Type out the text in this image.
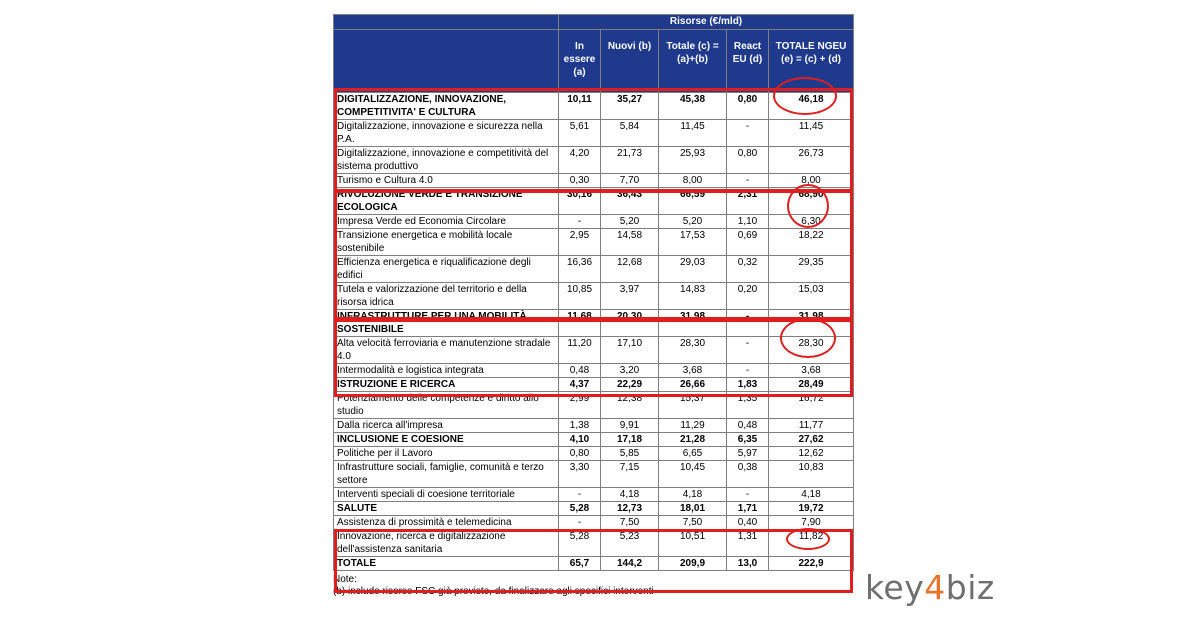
	Risorse (€/mld)				
	In essere (a)	Nuovi (b)	Totale (c) = (a)+(b)	React EU (d)	TOTALE NGEU (e) = (c) + (d)
DIGITALIZZAZIONE, INNOVAZIONE, COMPETITIVITA' E CULTURA	10,11	35,27	45,38	0,80	46,18
Digitalizzazione, innovazione e sicurezza nella P.A.	5,61	5,84	11,45	-	11,45
Digitalizzazione, innovazione e competitività del sistema produttivo	4,20	21,73	25,93	0,80	26,73
Turismo e Cultura 4.0	0,30	7,70	8,00	-	8,00
RIVOLUZIONE VERDE E TRANSIZIONE ECOLOGICA	30,16	36,43	66,59	2,31	68,90
Impresa Verde ed Economia Circolare	-	5,20	5,20	1,10	6,30
Transizione energetica e mobilità locale sostenibile	2,95	14,58	17,53	0,69	18,22
Efficienza energetica e riqualificazione degli edifici	16,36	12,68	29,03	0,32	29,35
Tutela e valorizzazione del territorio e della risorsa idrica	10,85	3,97	14,83	0,20	15,03
INFRASTRUTTURE PER UNA MOBILITÀ SOSTENIBILE	11,68	20,30	31,98	-	31,98
Alta velocità ferroviaria e manutenzione stradale 4.0	11,20	17,10	28,30	-	28,30
Intermodalità e logistica integrata	0,48	3,20	3,68	-	3,68
ISTRUZIONE E RICERCA	4,37	22,29	26,66	1,83	28,49
Potenziamento delle competenze e diritto allo studio	2,99	12,38	15,37	1,35	16,72
Dalla ricerca all'impresa	1,38	9,91	11,29	0,48	11,77
INCLUSIONE E COESIONE	4,10	17,18	21,28	6,35	27,62
Politiche per il Lavoro	0,80	5,85	6,65	5,97	12,62
Infrastrutture sociali, famiglie, comunità e terzo settore	3,30	7,15	10,45	0,38	10,83
Interventi speciali di coesione territoriale	-	4,18	4,18	-	4,18
SALUTE	5,28	12,73	18,01	1,71	19,72
Assistenza di prossimità e telemedicina	-	7,50	7,50	0,40	7,90
Innovazione, ricerca e digitalizzazione dell'assistenza sanitaria	5,28	5,23	10,51	1,31	11,82
TOTALE	65,7	144,2	209,9	13,0	222,9
Note:
(b) include risorse FSC già previste, da finalizzare agli specifici interventi	key4biz
